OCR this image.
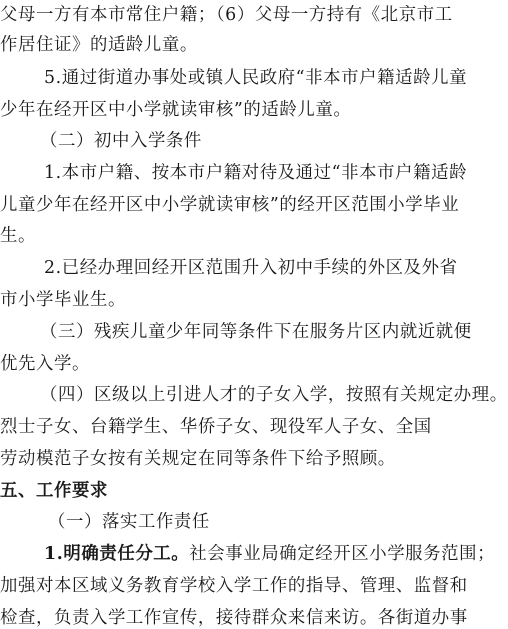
父母一方有本市常住户籍；（6）父母一方持有《北京市工
作居住证》的适龄儿童。
5.通过街道办事处或镇人民政府“非本市户籍适龄儿童
少年在经开区中小学就读审核”的适龄儿童。
（二）初中入学条件
1.本市户籍、按本市户籍对待及通过“非本市户籍适龄
儿童少年在经开区中小学就读审核”的经开区范围小学毕业
生。
2.已经办理回经开区范围升入初中手续的外区及外省
市小学毕业生。
（三）残疾儿童少年同等条件下在服务片区内就近就便
优先入学。
（四）区级以上引进人才的子女入学，按照有关规定办理。
烈士子女、台籍学生、华侨子女、现役军人子女、全国
劳动模范子女按有关规定在同等条件下给予照顾。
五、工作要求
（一）落实工作责任
1.明确责任分工。社会事业局确定经开区小学服务范围；
加强对本区域义务教育学校入学工作的指导、管理、监督和
检查，负责入学工作宣传，接待群众来信来访。各街道办事
